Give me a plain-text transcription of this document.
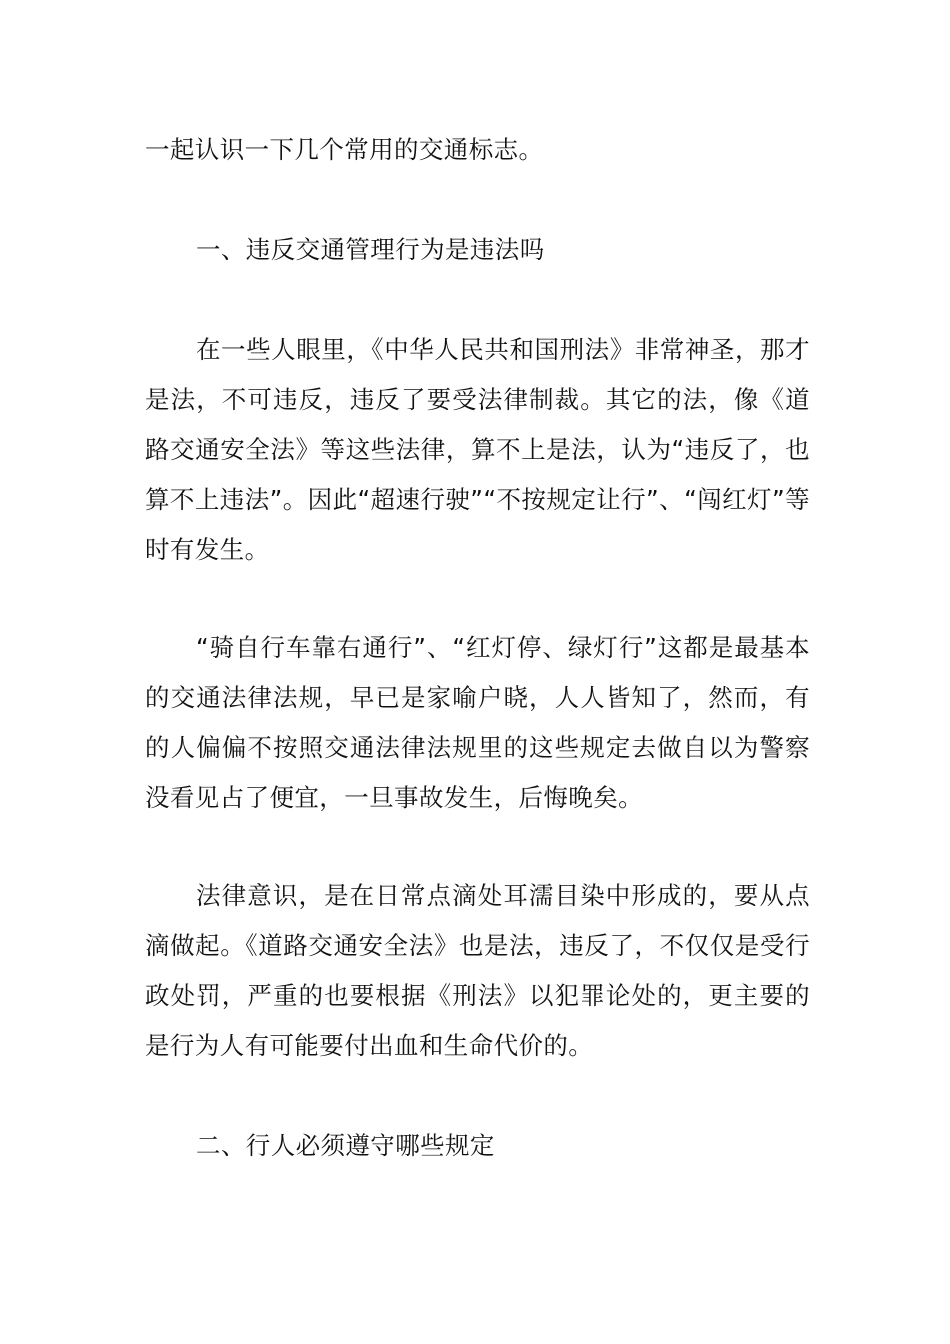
一起认识一下几个常用的交通标志。

一、违反交通管理行为是违法吗

在一些人眼里，《中华人民共和国刑法》非常神圣，那才是法，不可违反，违反了要受法律制裁。其它的法，像《道路交通安全法》等这些法律，算不上是法，认为“违反了，也算不上违法”。因此“超速行驶”“不按规定让行”、“闯红灯”等时有发生。

“骑自行车靠右通行”、“红灯停、绿灯行”这都是最基本的交通法律法规，早已是家喻户晓，人人皆知了，然而，有的人偏偏不按照交通法律法规里的这些规定去做自以为警察没看见占了便宜，一旦事故发生，后悔晚矣。

法律意识，是在日常点滴处耳濡目染中形成的，要从点滴做起。《道路交通安全法》也是法，违反了，不仅仅是受行政处罚，严重的也要根据《刑法》以犯罪论处的，更主要的是行为人有可能要付出血和生命代价的。

二、行人必须遵守哪些规定
